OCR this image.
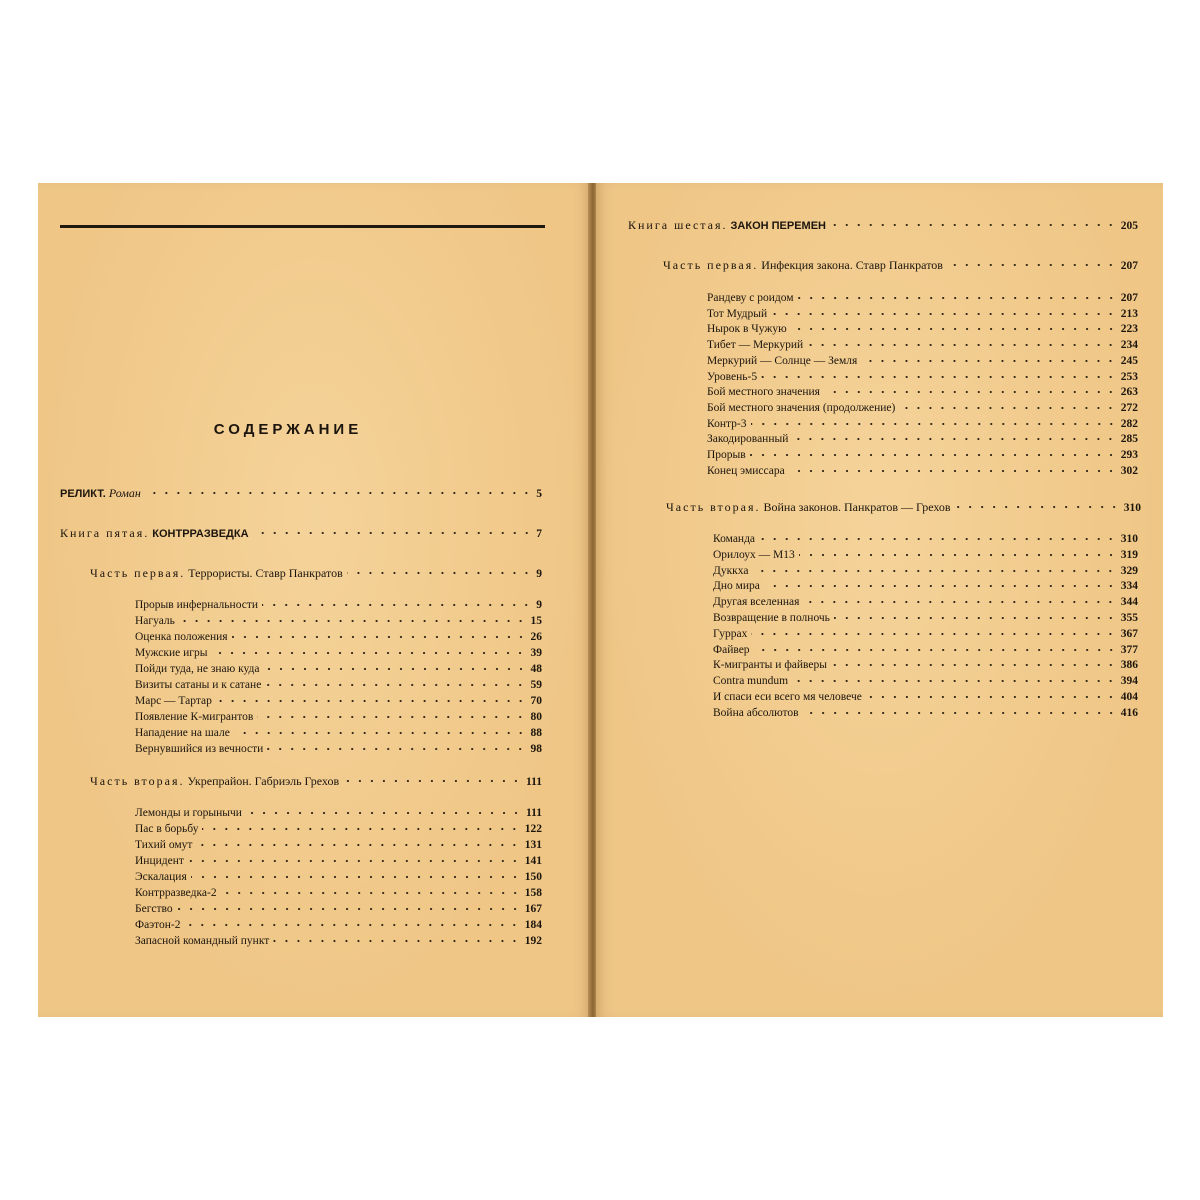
СОДЕРЖАНИЕ
РЕЛИКТ. Роман	5
Книга пятая. КОНТРРАЗВЕДКА	7
Часть первая. Террористы. Ставр Панкратов	9
Прорыв инфернальности	9
Нагуаль	15
Оценка положения	26
Мужские игры	39
Пойди туда, не знаю куда	48
Визиты сатаны и к сатане	59
Марс — Тартар	70
Появление К-мигрантов	80
Нападение на шале	88
Вернувшийся из вечности	98
Часть вторая. Укрепрайон. Габриэль Грехов	111
Лемонды и горынычи	111
Пас в борьбу	122
Тихий омут	131
Инцидент	141
Эскалация	150
Контрразведка-2	158
Бегство	167
Фаэтон-2	184
Запасной командный пункт	192
Книга шестая. ЗАКОН ПЕРЕМЕН	205
Часть первая. Инфекция закона. Ставр Панкратов	207
Рандеву с роидом	207
Тот Мудрый	213
Нырок в Чужую	223
Тибет — Меркурий	234
Меркурий — Солнце — Земля	245
Уровень-5	253
Бой местного значения	263
Бой местного значения (продолжение)	272
Контр-3	282
Закодированный	285
Прорыв	293
Конец эмиссара	302
Часть вторая. Война законов. Панкратов — Грехов	310
Команда	310
Орилоух — М13	319
Дуккха	329
Дно мира	334
Другая вселенная	344
Возвращение в полночь	355
Гуррах	367
Файвер	377
К-мигранты и файверы	386
Contra mundum	394
И спаси еси всего мя человече	404
Война абсолютов	416
